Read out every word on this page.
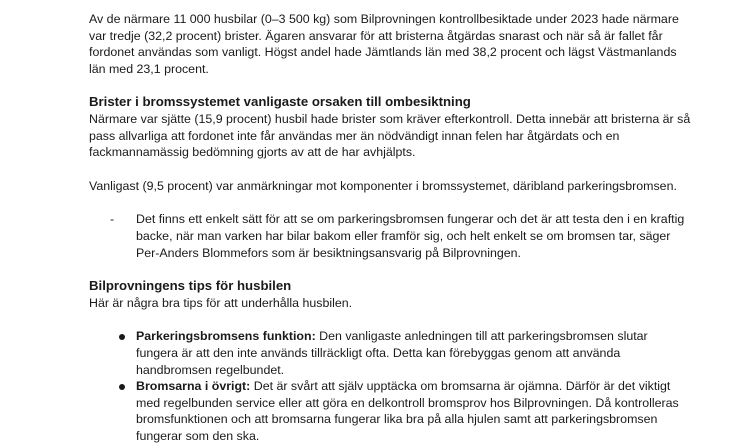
Av de närmare 11 000 husbilar (0–3 500 kg) som Bilprovningen kontrollbesiktade under 2023 hade närmare var tredje (32,2 procent) brister. Ägaren ansvarar för att bristerna åtgärdas snarast och när så är fallet får fordonet användas som vanligt. Högst andel hade Jämtlands län med 38,2 procent och lägst Västmanlands län med 23,1 procent.

Brister i bromssystemet vanligaste orsaken till ombesiktning

Närmare var sjätte (15,9 procent) husbil hade brister som kräver efterkontroll. Detta innebär att bristerna är så pass allvarliga att fordonet inte får användas mer än nödvändigt innan felen har åtgärdats och en fackmannamässig bedömning gjorts av att de har avhjälpts.

Vanligast (9,5 procent) var anmärkningar mot komponenter i bromssystemet, däribland parkeringsbromsen.

- Det finns ett enkelt sätt för att se om parkeringsbromsen fungerar och det är att testa den i en kraftig backe, när man varken har bilar bakom eller framför sig, och helt enkelt se om bromsen tar, säger Per-Anders Blommefors som är besiktningsansvarig på Bilprovningen.

Bilprovningens tips för husbilen

Här är några bra tips för att underhålla husbilen.

Parkeringsbromsens funktion: Den vanligaste anledningen till att parkeringsbromsen slutar fungera är att den inte används tillräckligt ofta. Detta kan förebyggas genom att använda handbromsen regelbundet.
Bromsarna i övrigt: Det är svårt att själv upptäcka om bromsarna är ojämna. Därför är det viktigt med regelbunden service eller att göra en delkontroll bromsprov hos Bilprovningen. Då kontrolleras bromsfunktionen och att bromsarna fungerar lika bra på alla hjulen samt att parkeringsbromsen fungerar som den ska.
